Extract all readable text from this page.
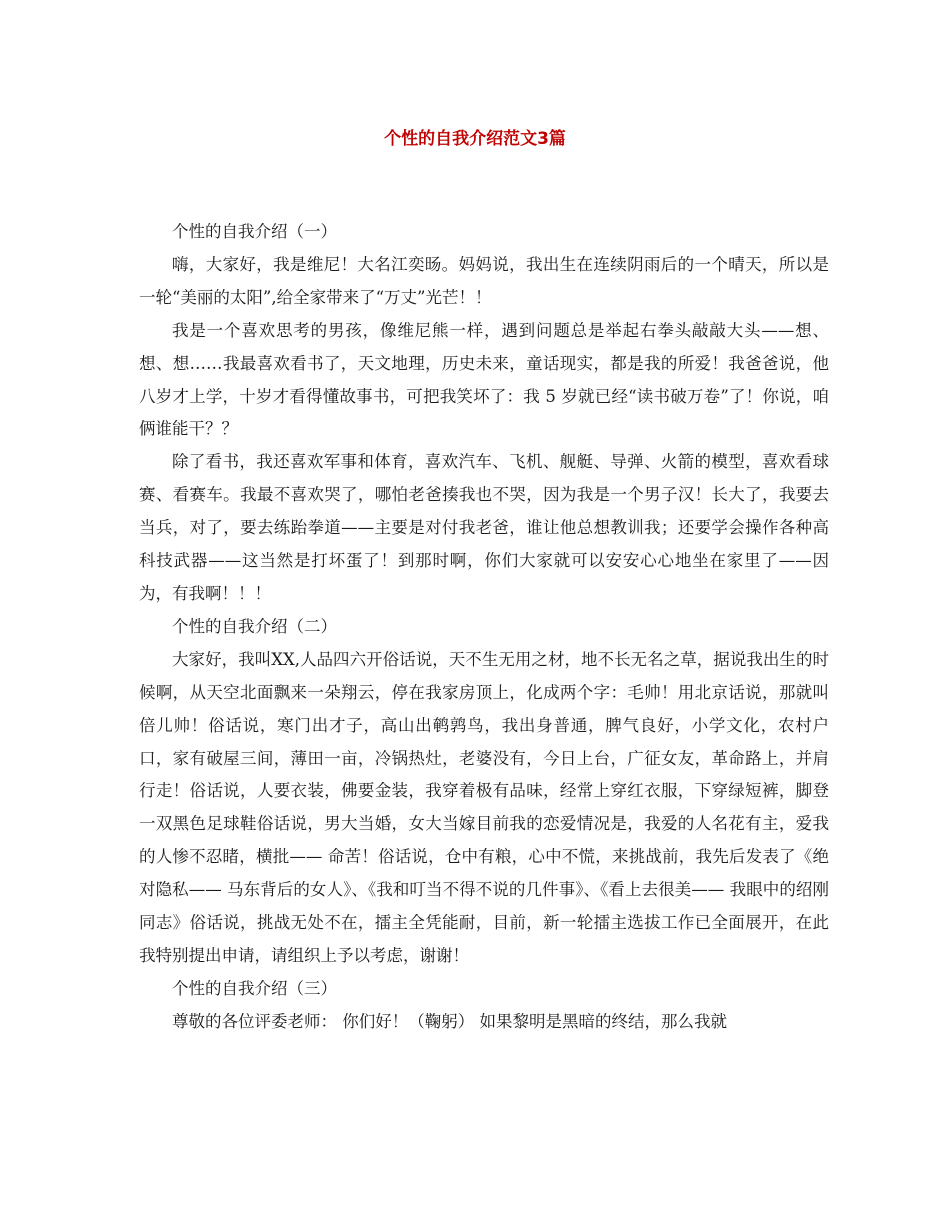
个性的自我介绍范文3篇
个性的自我介绍（一）

嗨，大家好，我是维尼！大名江奕旸。妈妈说，我出生在连续阴雨后的一个晴天，所以是一轮“美丽的太阳”,给全家带来了“万丈”光芒！！

我是一个喜欢思考的男孩，像维尼熊一样，遇到问题总是举起右拳头敲敲大头——想、想、想……我最喜欢看书了，天文地理，历史未来，童话现实，都是我的所爱！我爸爸说，他八岁才上学，十岁才看得懂故事书，可把我笑坏了：我 5 岁就已经“读书破万卷”了！你说，咱俩谁能干？？

除了看书，我还喜欢军事和体育，喜欢汽车、飞机、舰艇、导弹、火箭的模型，喜欢看球赛、看赛车。我最不喜欢哭了，哪怕老爸揍我也不哭，因为我是一个男子汉！长大了，我要去当兵，对了，要去练跆拳道——主要是对付我老爸，谁让他总想教训我；还要学会操作各种高科技武器——这当然是打坏蛋了！到那时啊，你们大家就可以安安心心地坐在家里了——因为，有我啊！！！

个性的自我介绍（二）

大家好，我叫XX,人品四六开俗话说，天不生无用之材，地不长无名之草，据说我出生的时候啊，从天空北面飘来一朵翔云，停在我家房顶上，化成两个字：毛帅！用北京话说，那就叫倍儿帅！俗话说，寒门出才子，高山出鹌鹑鸟，我出身普通，脾气良好，小学文化，农村户口，家有破屋三间，薄田一亩，冷锅热灶，老婆没有，今日上台，广征女友，革命路上，并肩行走！俗话说，人要衣装，佛要金装，我穿着极有品味，经常上穿红衣服，下穿绿短裤，脚登一双黑色足球鞋俗话说，男大当婚，女大当嫁目前我的恋爱情况是，我爱的人名花有主，爱我的人惨不忍睹，横批—— 命苦！俗话说，仓中有粮，心中不慌，来挑战前，我先后发表了《绝对隐私—— 马东背后的女人》、《我和叮当不得不说的几件事》、《看上去很美—— 我眼中的绍刚同志》俗话说，挑战无处不在，擂主全凭能耐，目前，新一轮擂主选拔工作已全面展开，在此我特别提出申请，请组织上予以考虑，谢谢！

个性的自我介绍（三）

尊敬的各位评委老师： 你们好！（鞠躬） 如果黎明是黑暗的终结，那么我就
